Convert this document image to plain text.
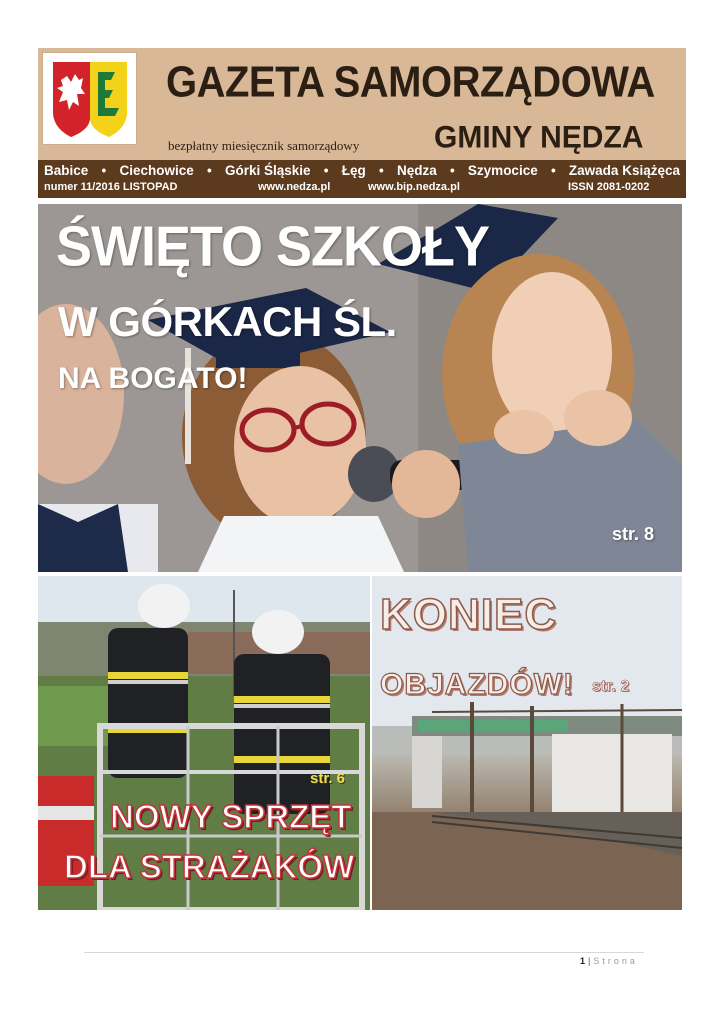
GAZETA SAMORZĄDOWA
bezpłatny miesięcznik samorządowy GMINY NĘDZA
Babice • Ciechowice • Górki Śląskie • Łęg • Nędza • Szymocice • Zawada Książęca
numer 11/2016 LISTOPAD	www.nedza.pl	www.bip.nedza.pl	ISSN 2081-0202
ŚWIĘTO SZKOŁY
W GÓRKACH ŚL.
NA BOGATO!
str. 8
str. 6
NOWY SPRZĘT
DLA STRAŻAKÓW
KONIEC
OBJAZDÓW! str. 2
1 | Strona
